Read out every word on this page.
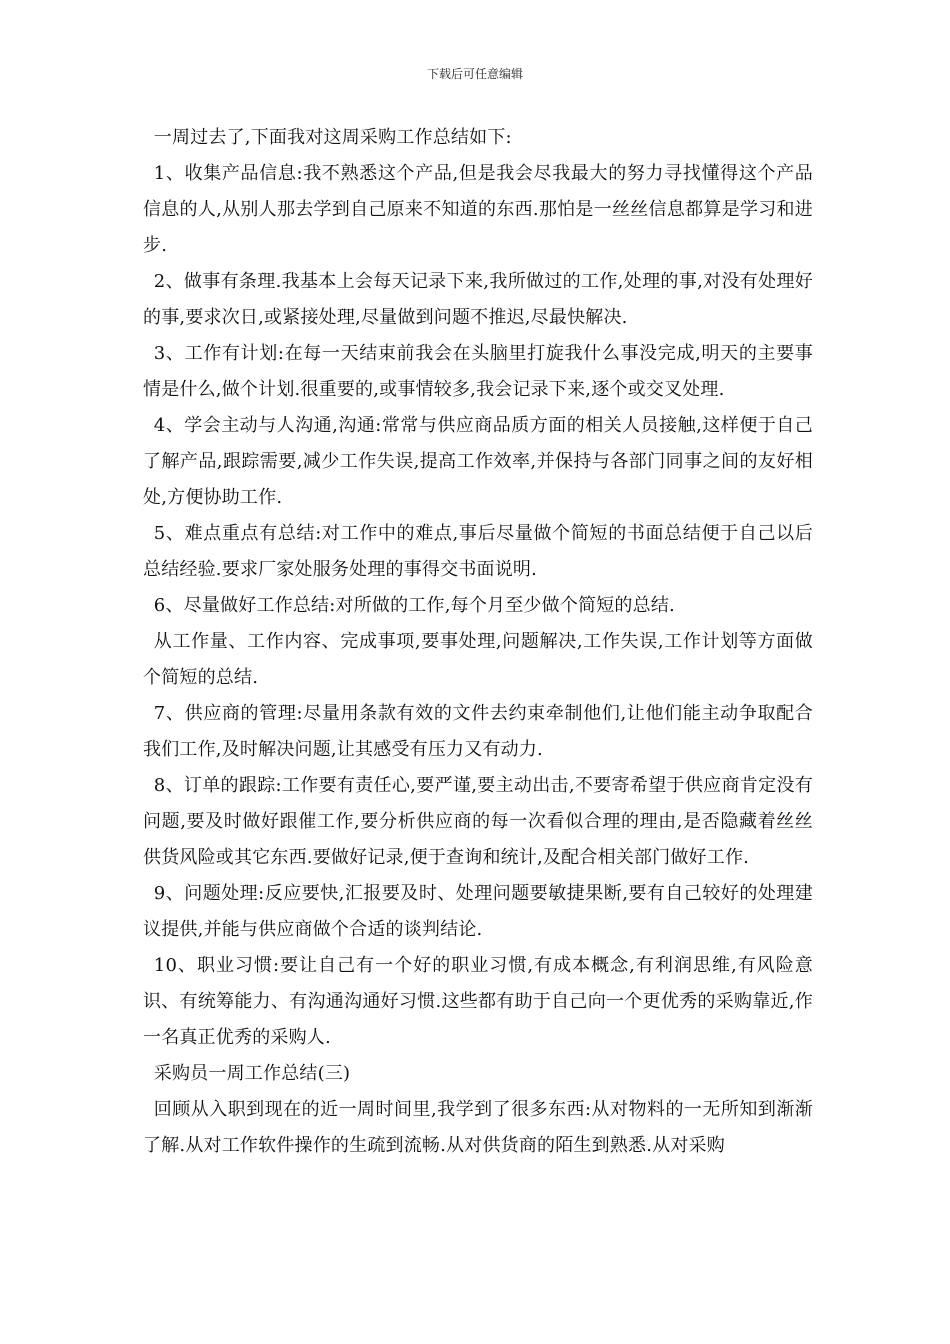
下载后可任意编辑

一周过去了,下面我对这周采购工作总结如下:

1、收集产品信息:我不熟悉这个产品,但是我会尽我最大的努力寻找懂得这个产品信息的人,从别人那去学到自己原来不知道的东西.那怕是一丝丝信息都算是学习和进步.

2、做事有条理.我基本上会每天记录下来,我所做过的工作,处理的事,对没有处理好的事,要求次日,或紧接处理,尽量做到问题不推迟,尽最快解决.

3、工作有计划:在每一天结束前我会在头脑里打旋我什么事没完成,明天的主要事情是什么,做个计划.很重要的,或事情较多,我会记录下来,逐个或交叉处理.

4、学会主动与人沟通,沟通:常常与供应商品质方面的相关人员接触,这样便于自己了解产品,跟踪需要,减少工作失误,提高工作效率,并保持与各部门同事之间的友好相处,方便协助工作.

5、难点重点有总结:对工作中的难点,事后尽量做个简短的书面总结便于自己以后总结经验.要求厂家处服务处理的事得交书面说明.

6、尽量做好工作总结:对所做的工作,每个月至少做个简短的总结.

从工作量、工作内容、完成事项,要事处理,问题解决,工作失误,工作计划等方面做个简短的总结.

7、供应商的管理:尽量用条款有效的文件去约束牵制他们,让他们能主动争取配合我们工作,及时解决问题,让其感受有压力又有动力.

8、订单的跟踪:工作要有责任心,要严谨,要主动出击,不要寄希望于供应商肯定没有问题,要及时做好跟催工作,要分析供应商的每一次看似合理的理由,是否隐藏着丝丝供货风险或其它东西.要做好记录,便于查询和统计,及配合相关部门做好工作.

9、问题处理:反应要快,汇报要及时、处理问题要敏捷果断,要有自己较好的处理建议提供,并能与供应商做个合适的谈判结论.

10、职业习惯:要让自己有一个好的职业习惯,有成本概念,有利润思维,有风险意识、有统筹能力、有沟通沟通好习惯.这些都有助于自己向一个更优秀的采购靠近,作一名真正优秀的采购人.

采购员一周工作总结(三)

回顾从入职到现在的近一周时间里,我学到了很多东西:从对物料的一无所知到渐渐了解.从对工作软件操作的生疏到流畅.从对供货商的陌生到熟悉.从对采购
